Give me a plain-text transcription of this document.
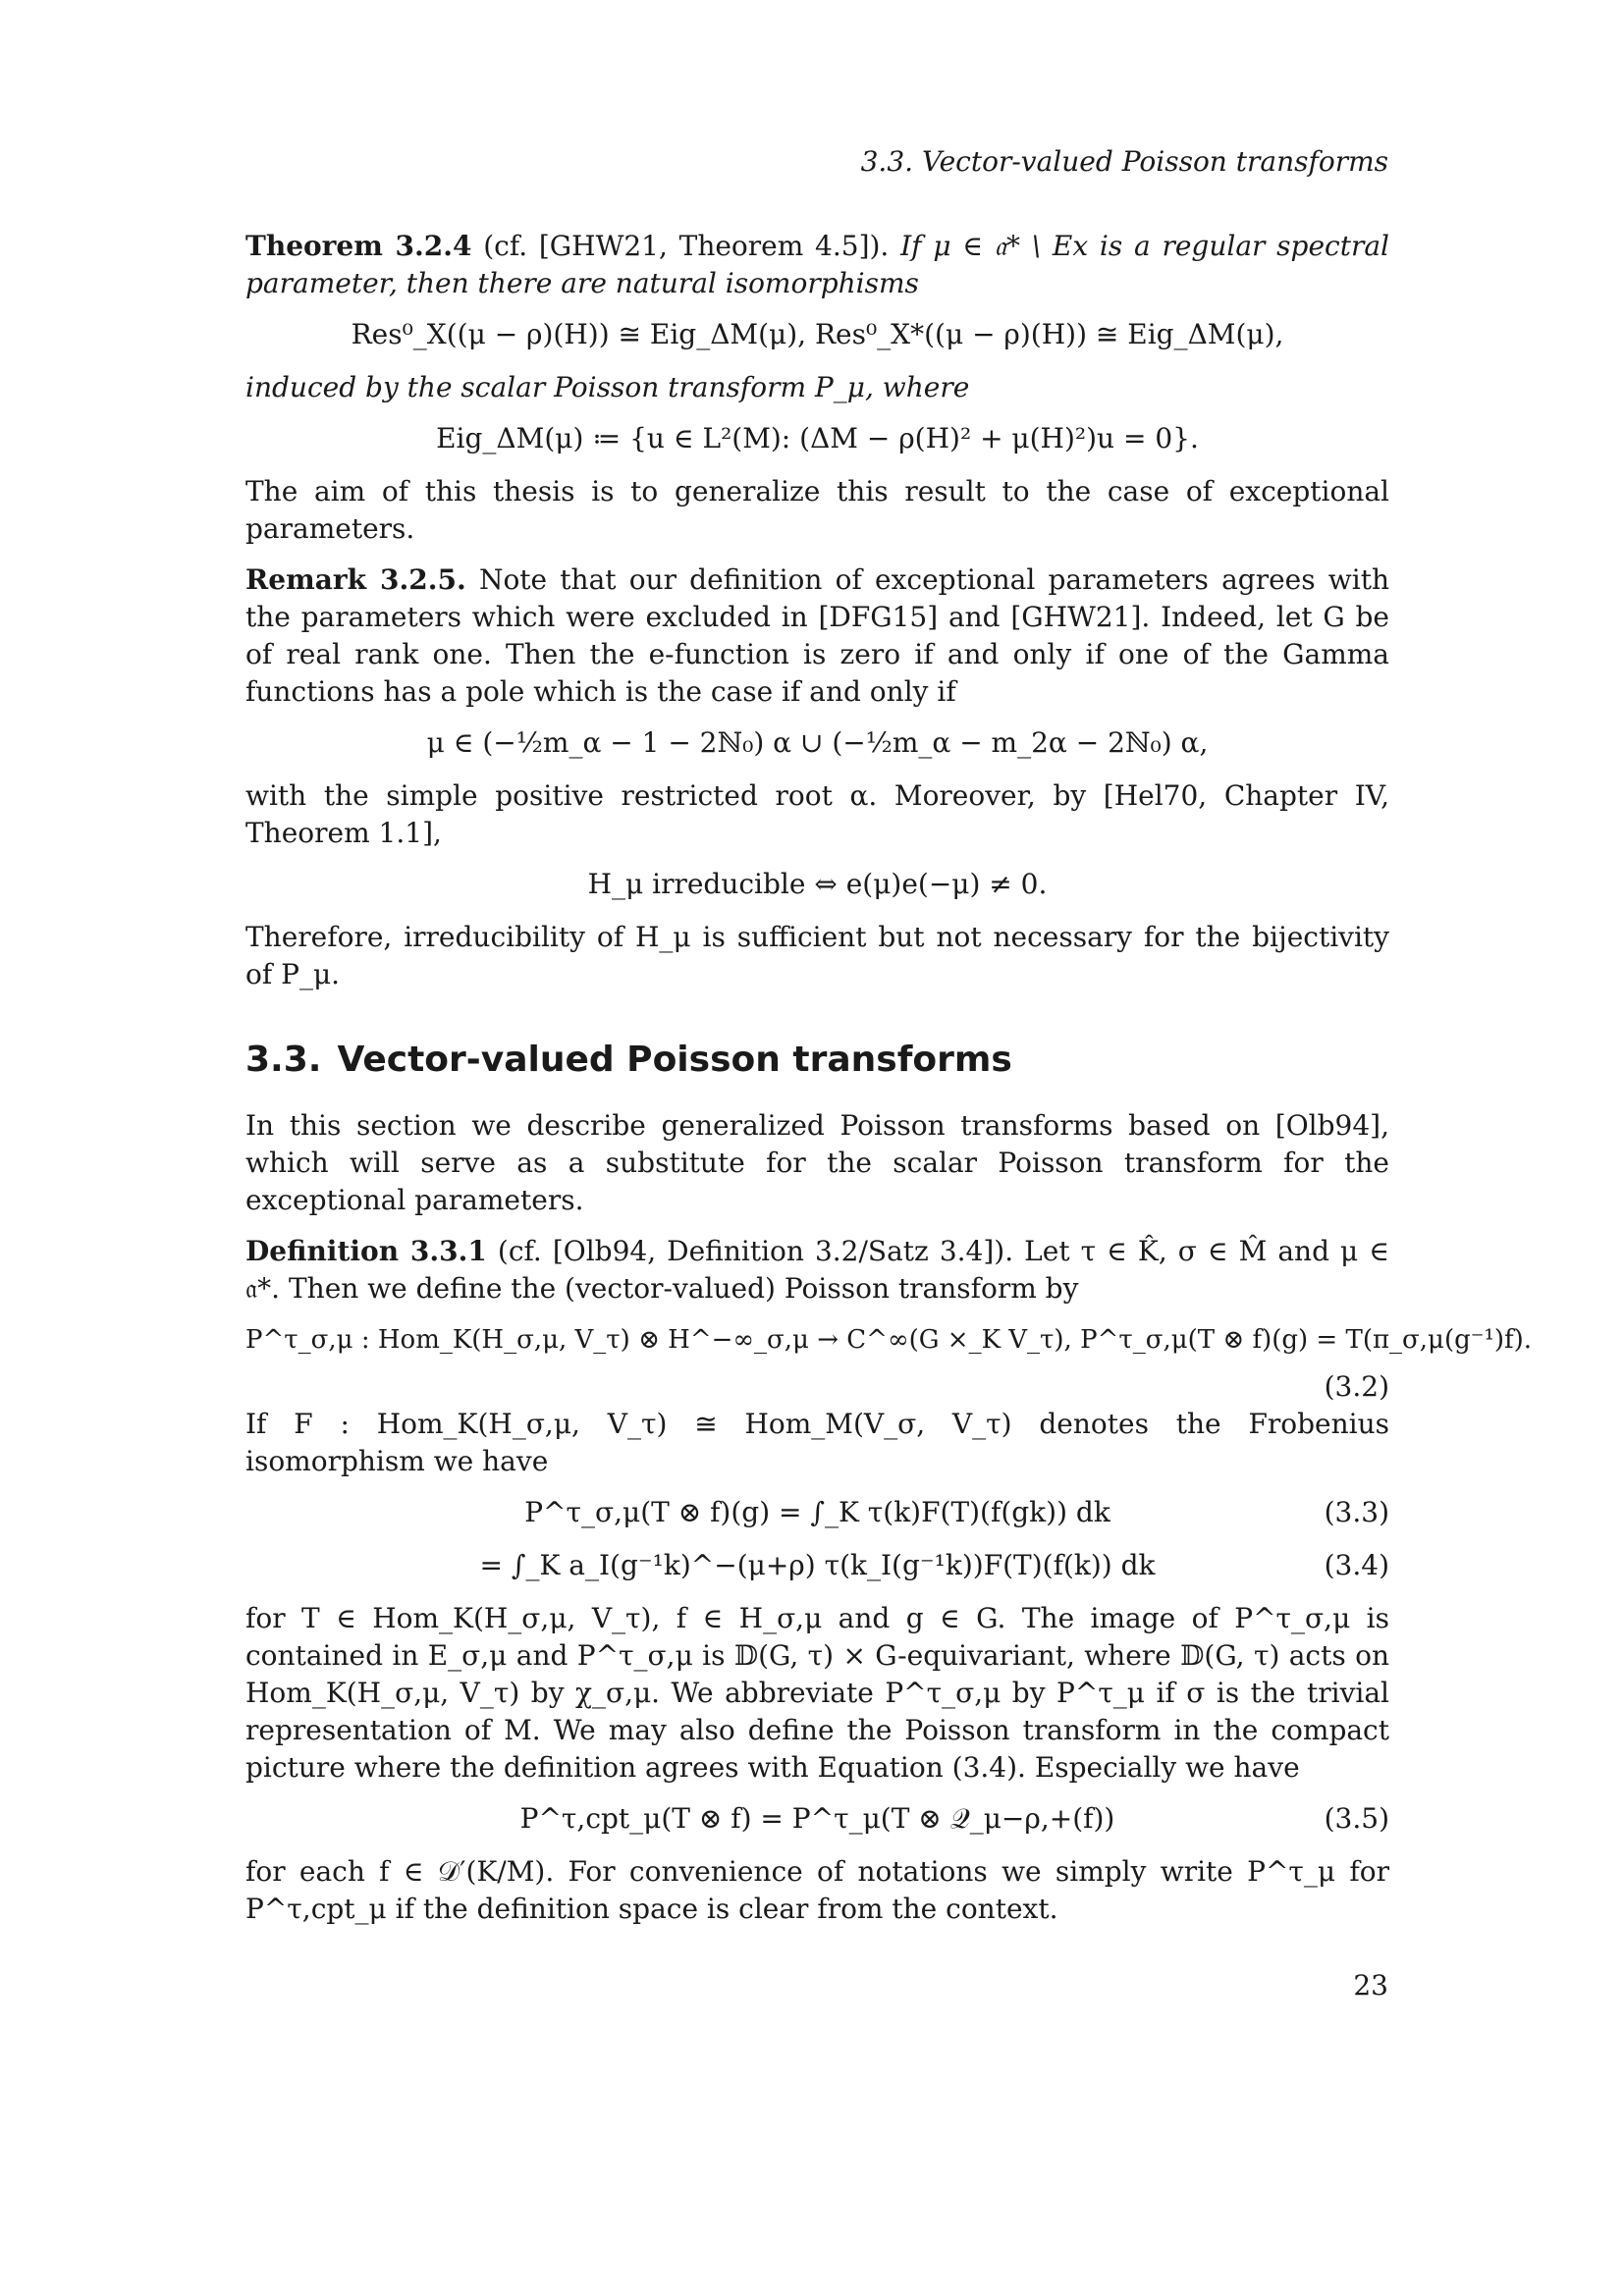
3.3. Vector-valued Poisson transforms

Theorem 3.2.4 (cf. [GHW21, Theorem 4.5]). If μ ∈ 𝔞* \ Ex is a regular spectral parameter, then there are natural isomorphisms

Res⁰_X((μ − ρ)(H)) ≅ Eig_ΔM(μ), Res⁰_X*((μ − ρ)(H)) ≅ Eig_ΔM(μ),

induced by the scalar Poisson transform P_μ, where

Eig_ΔM(μ) ≔ {u ∈ L²(M): (ΔM − ρ(H)² + μ(H)²)u = 0}.

The aim of this thesis is to generalize this result to the case of exceptional parameters.

Remark 3.2.5. Note that our definition of exceptional parameters agrees with the parameters which were excluded in [DFG15] and [GHW21]. Indeed, let G be of real rank one. Then the e-function is zero if and only if one of the Gamma functions has a pole which is the case if and only if

μ ∈ (−½m_α − 1 − 2ℕ₀) α ∪ (−½m_α − m_2α − 2ℕ₀) α,

with the simple positive restricted root α. Moreover, by [Hel70, Chapter IV, Theorem 1.1],

H_μ irreducible ⇔ e(μ)e(−μ) ≠ 0.

Therefore, irreducibility of H_μ is sufficient but not necessary for the bijectivity of P_μ.

3.3. Vector-valued Poisson transforms

In this section we describe generalized Poisson transforms based on [Olb94], which will serve as a substitute for the scalar Poisson transform for the exceptional parameters.

Definition 3.3.1 (cf. [Olb94, Definition 3.2/Satz 3.4]). Let τ ∈ K̂, σ ∈ M̂ and μ ∈ 𝔞*. Then we define the (vector-valued) Poisson transform by

P^τ_σ,μ : Hom_K(H_σ,μ, V_τ) ⊗ H^−∞_σ,μ → C^∞(G ×_K V_τ), P^τ_σ,μ(T ⊗ f)(g) = T(π_σ,μ(g⁻¹)f).
(3.2)

If F : Hom_K(H_σ,μ, V_τ) ≅ Hom_M(V_σ, V_τ) denotes the Frobenius isomorphism we have

P^τ_σ,μ(T ⊗ f)(g) = ∫_K τ(k)F(T)(f(gk)) dk	(3.3)
= ∫_K a_I(g⁻¹k)^−(μ+ρ) τ(k_I(g⁻¹k))F(T)(f(k)) dk	(3.4)

for T ∈ Hom_K(H_σ,μ, V_τ), f ∈ H_σ,μ and g ∈ G. The image of P^τ_σ,μ is contained in E_σ,μ and P^τ_σ,μ is 𝔻(G, τ) × G-equivariant, where 𝔻(G, τ) acts on Hom_K(H_σ,μ, V_τ) by χ_σ,μ. We abbreviate P^τ_σ,μ by P^τ_μ if σ is the trivial representation of M. We may also define the Poisson transform in the compact picture where the definition agrees with Equation (3.4). Especially we have

P^τ,cpt_μ(T ⊗ f) = P^τ_μ(T ⊗ 𝒬_μ−ρ,+(f))	(3.5)

for each f ∈ 𝒟′(K/M). For convenience of notations we simply write P^τ_μ for P^τ,cpt_μ if the definition space is clear from the context.

23
